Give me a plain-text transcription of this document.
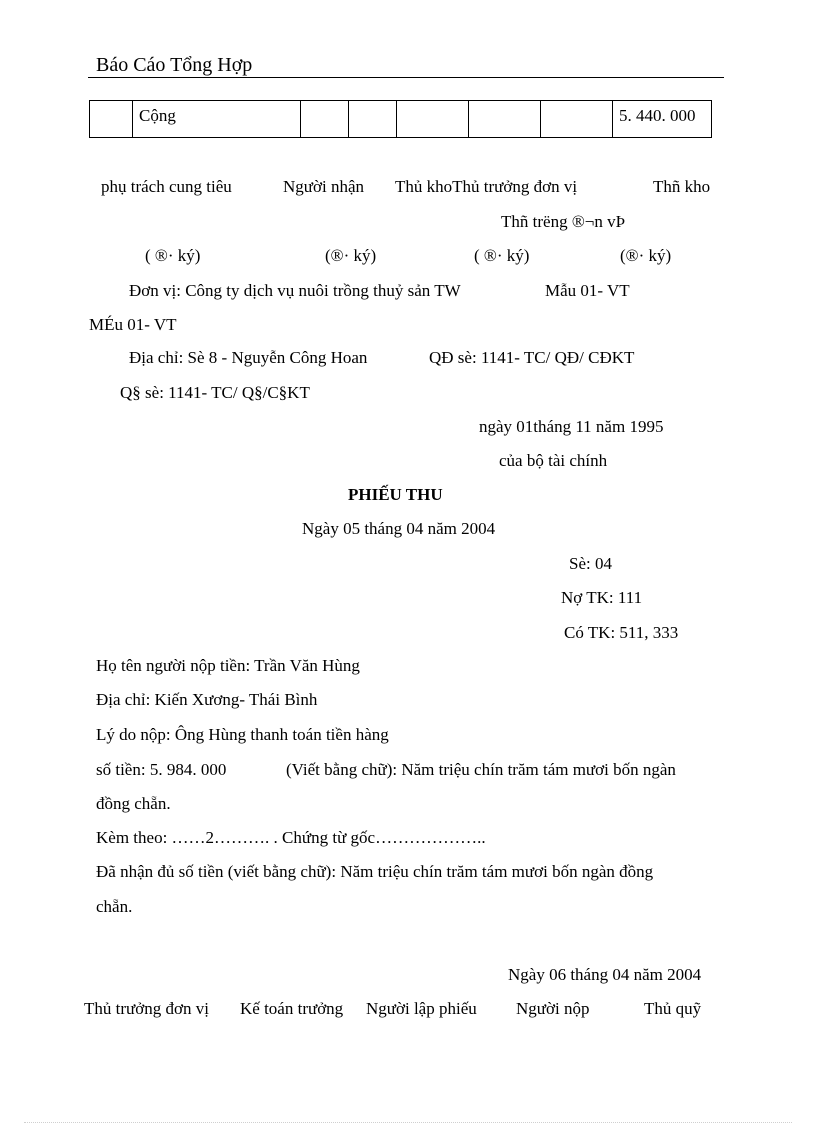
Báo Cáo Tổng Hợp

Cộng						5. 440. 000
phụ trách cung tiêu	Người nhận Thủ khoThủ trưởng đơn vị	Thñ kho
Thñ trëng ®¬n vÞ
( ®· ký)	(®· ký)	( ®· ký)	(®· ký)
Đơn vị: Công ty dịch vụ nuôi trồng thuỷ sản TW	Mẫu 01- VT
MÉu 01- VT
Địa chỉ: Sè 8 - Nguyễn Công Hoan	QĐ sè: 1141- TC/ QĐ/ CĐKT
Q§ sè: 1141- TC/ Q§/C§KT
ngày 01tháng 11 năm 1995
của bộ tài chính
PHIẾU THU
Ngày 05 tháng 04 năm 2004
Sè: 04
Nợ TK: 111
Có TK: 511, 333
Họ tên người nộp tiền: Trần Văn Hùng
Địa chỉ: Kiến Xương- Thái Bình
Lý do nộp: Ông Hùng thanh toán tiền hàng
số tiền: 5. 984. 000	(Viết bằng chữ): Năm triệu chín trăm tám mươi bốn ngàn
đồng chẵn.
Kèm theo: ……2………. . Chứng từ gốc………………..
Đã nhận đủ số tiền (viết bằng chữ): Năm triệu chín trăm tám mươi bốn ngàn đồng
chẵn.
Ngày 06 tháng 04 năm 2004
Thủ trưởng đơn vị Kế toán trưởng Người lập phiếu Người nộp	Thủ quỹ
